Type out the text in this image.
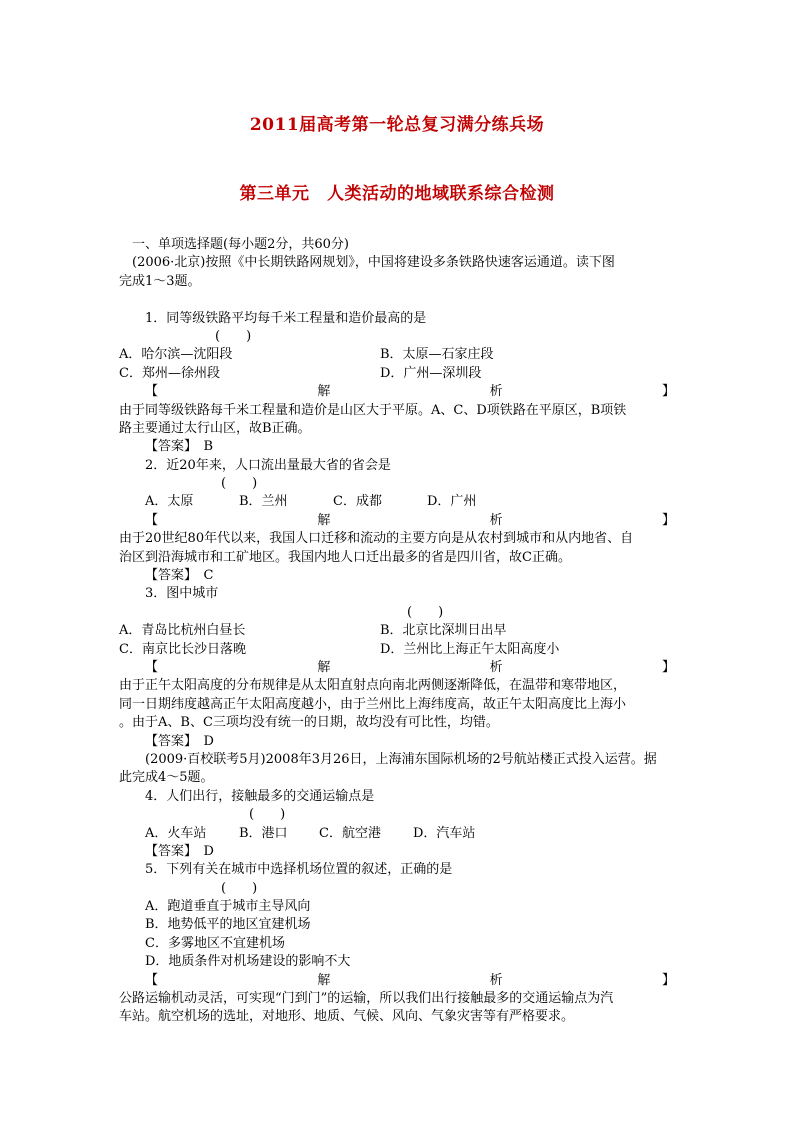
2011届高考第一轮总复习满分练兵场
第三单元　人类活动的地域联系综合检测
一、单项选择题(每小题2分，共60分)
(2006·北京)按照《中长期铁路网规划》，中国将建设多条铁路快速客运通道。读下图
完成1～3题。
1．同等级铁路平均每千米工程量和造价最高的是
(　　)
A．哈尔滨—沈阳段	B．太原—石家庄段
C．郑州—徐州段	D．广州—深圳段
【	解	析	】
由于同等级铁路每千米工程量和造价是山区大于平原。A、C、D项铁路在平原区，B项铁
路主要通过太行山区，故B正确。
【答案】　B
2．近20年来，人口流出量最大省的省会是
(　　)
A．太原	B．兰州	C．成都	D．广州
【	解	析	】
由于20世纪80年代以来，我国人口迁移和流动的主要方向是从农村到城市和从内地省、自
治区到沿海城市和工矿地区。我国内地人口迁出最多的省是四川省，故C正确。
【答案】　C
3．图中城市
(　　)
A．青岛比杭州白昼长	B．北京比深圳日出早
C．南京比长沙日落晚	D．兰州比上海正午太阳高度小
【	解	析	】
由于正午太阳高度的分布规律是从太阳直射点向南北两侧逐渐降低，在温带和寒带地区，
同一日期纬度越高正午太阳高度越小，由于兰州比上海纬度高，故正午太阳高度比上海小
。由于A、B、C三项均没有统一的日期，故均没有可比性，均错。
【答案】　D
(2009·百校联考5月)2008年3月26日，上海浦东国际机场的2号航站楼正式投入运营。据
此完成4～5题。
4．人们出行，接触最多的交通运输点是
(　　)
A．火车站	B．港口 C．航空港 D．汽车站
【答案】　D
5．下列有关在城市中选择机场位置的叙述，正确的是
(　　)
A．跑道垂直于城市主导风向
B．地势低平的地区宜建机场
C．多雾地区不宜建机场
D．地质条件对机场建设的影响不大
【	解	析	】
公路运输机动灵活，可实现“门到门”的运输，所以我们出行接触最多的交通运输点为汽
车站。航空机场的选址，对地形、地质、气候、风向、气象灾害等有严格要求。
